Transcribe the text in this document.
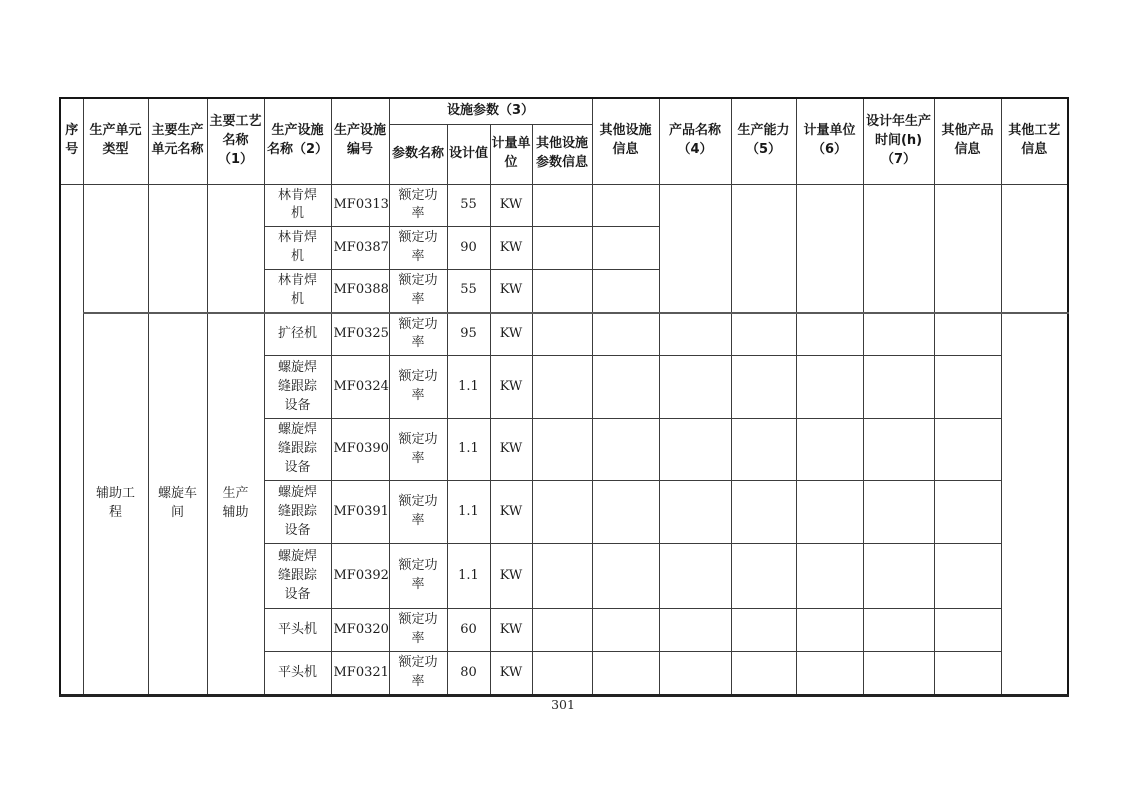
序号	生产单元类型	主要生产单元名称	主要工艺名称（1）	生产设施名称（2）	生产设施编号	设施参数（3）				其他设施信息	产品名称（4）	生产能力（5）	计量单位（6）	设计年生产时间(h)（7）	其他产品信息	其他工艺信息
						参数名称	设计值	计量单位	其他设施参数信息							
				林肯焊机	MF0313	额定功率	55	KW								
				林肯焊机	MF0387	额定功率	90	KW								
				林肯焊机	MF0388	额定功率	55	KW								
	辅助工程	螺旋车间	生产辅助	扩径机	MF0325	额定功率	95	KW								
				螺旋焊缝跟踪设备	MF0324	额定功率	1.1	KW								
				螺旋焊缝跟踪设备	MF0390	额定功率	1.1	KW								
				螺旋焊缝跟踪设备	MF0391	额定功率	1.1	KW								
				螺旋焊缝跟踪设备	MF0392	额定功率	1.1	KW								
				平头机	MF0320	额定功率	60	KW								
				平头机	MF0321	额定功率	80	KW								
301
